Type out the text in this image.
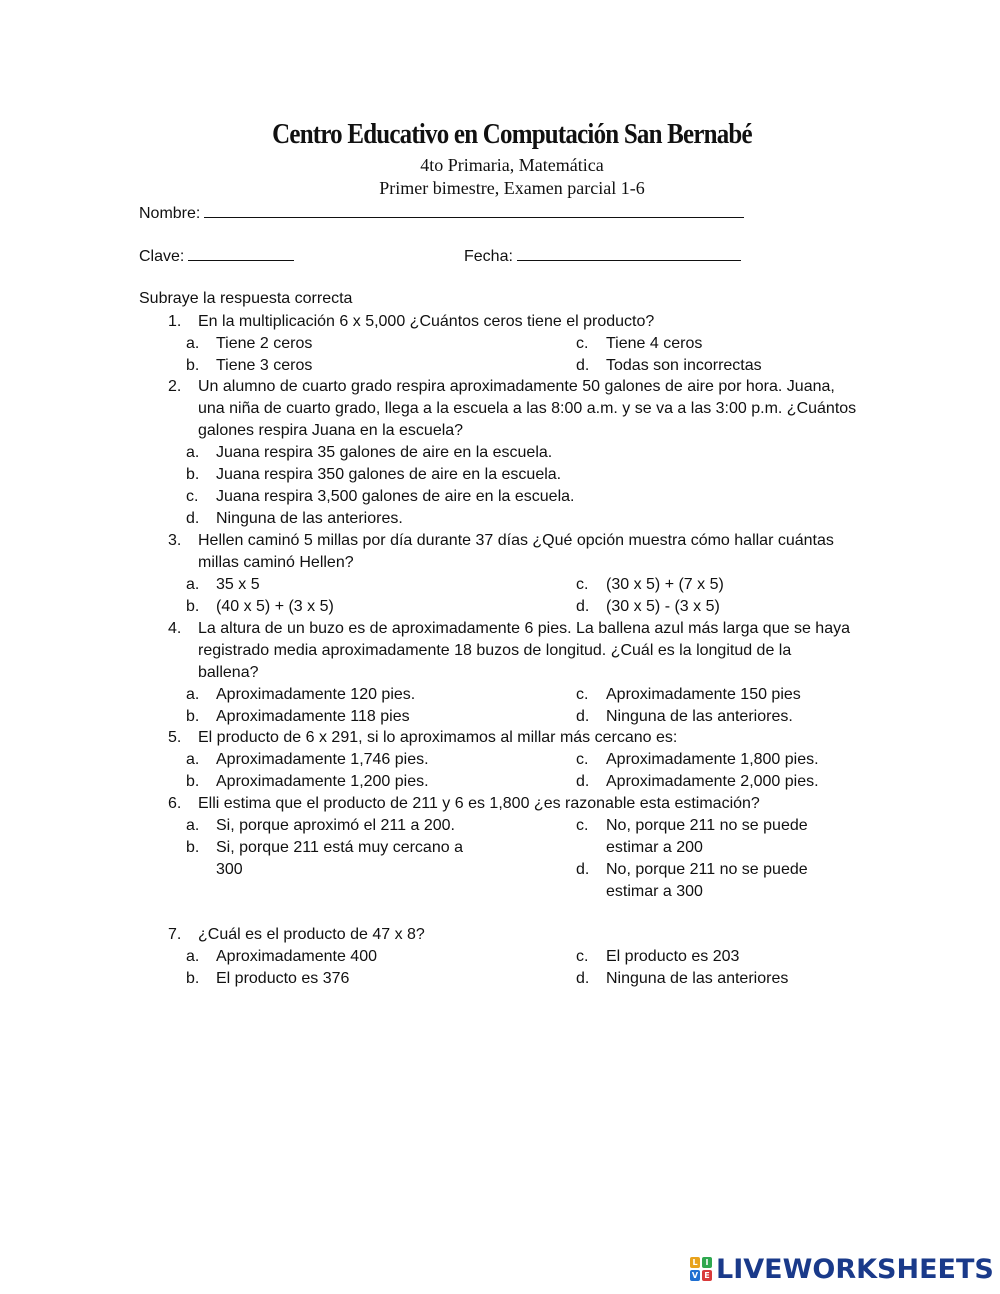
Centro Educativo en Computación San Bernabé
4to Primaria, Matemática
Primer bimestre, Examen parcial 1-6
Nombre:
Clave:	Fecha:
Subraye la respuesta correcta
1.	En la multiplicación 6 x 5,000 ¿Cuántos ceros tiene el producto?
a. Tiene 2 ceros	c. Tiene 4 ceros
b. Tiene 3 ceros	d. Todas son incorrectas
2.	Un alumno de cuarto grado respira aproximadamente 50 galones de aire por hora. Juana,
una niña de cuarto grado, llega a la escuela a las 8:00 a.m. y se va a las 3:00 p.m. ¿Cuántos
galones respira Juana en la escuela?
a. Juana respira 35 galones de aire en la escuela.
b. Juana respira 350 galones de aire en la escuela.
c. Juana respira 3,500 galones de aire en la escuela.
d. Ninguna de las anteriores.
3.	Hellen caminó 5 millas por día durante 37 días ¿Qué opción muestra cómo hallar cuántas
millas caminó Hellen?
a. 35 x 5	c. (30 x 5) + (7 x 5)
b. (40 x 5) + (3 x 5)	d. (30 x 5) - (3 x 5)
4.	La altura de un buzo es de aproximadamente 6 pies. La ballena azul más larga que se haya
registrado media aproximadamente 18 buzos de longitud. ¿Cuál es la longitud de la
ballena?
a. Aproximadamente 120 pies.	c. Aproximadamente 150 pies
b. Aproximadamente 118 pies	d. Ninguna de las anteriores.
5.	El producto de 6 x 291, si lo aproximamos al millar más cercano es:
a. Aproximadamente 1,746 pies.	c. Aproximadamente 1,800 pies.
b. Aproximadamente 1,200 pies.	d. Aproximadamente 2,000 pies.
6.	Elli estima que el producto de 211 y 6 es 1,800 ¿es razonable esta estimación?
a. Si, porque aproximó el 211 a 200.	c. No, porque 211 no se puede
estimar a 200
b. Si, porque 211 está muy cercano a
300	d. No, porque 211 no se puede
estimar a 300
7.	¿Cuál es el producto de 47 x 8?
a. Aproximadamente 400	c. El producto es 203
b. El producto es 376	d. Ninguna de las anteriores
L I
V E LIVEWORKSHEETS
